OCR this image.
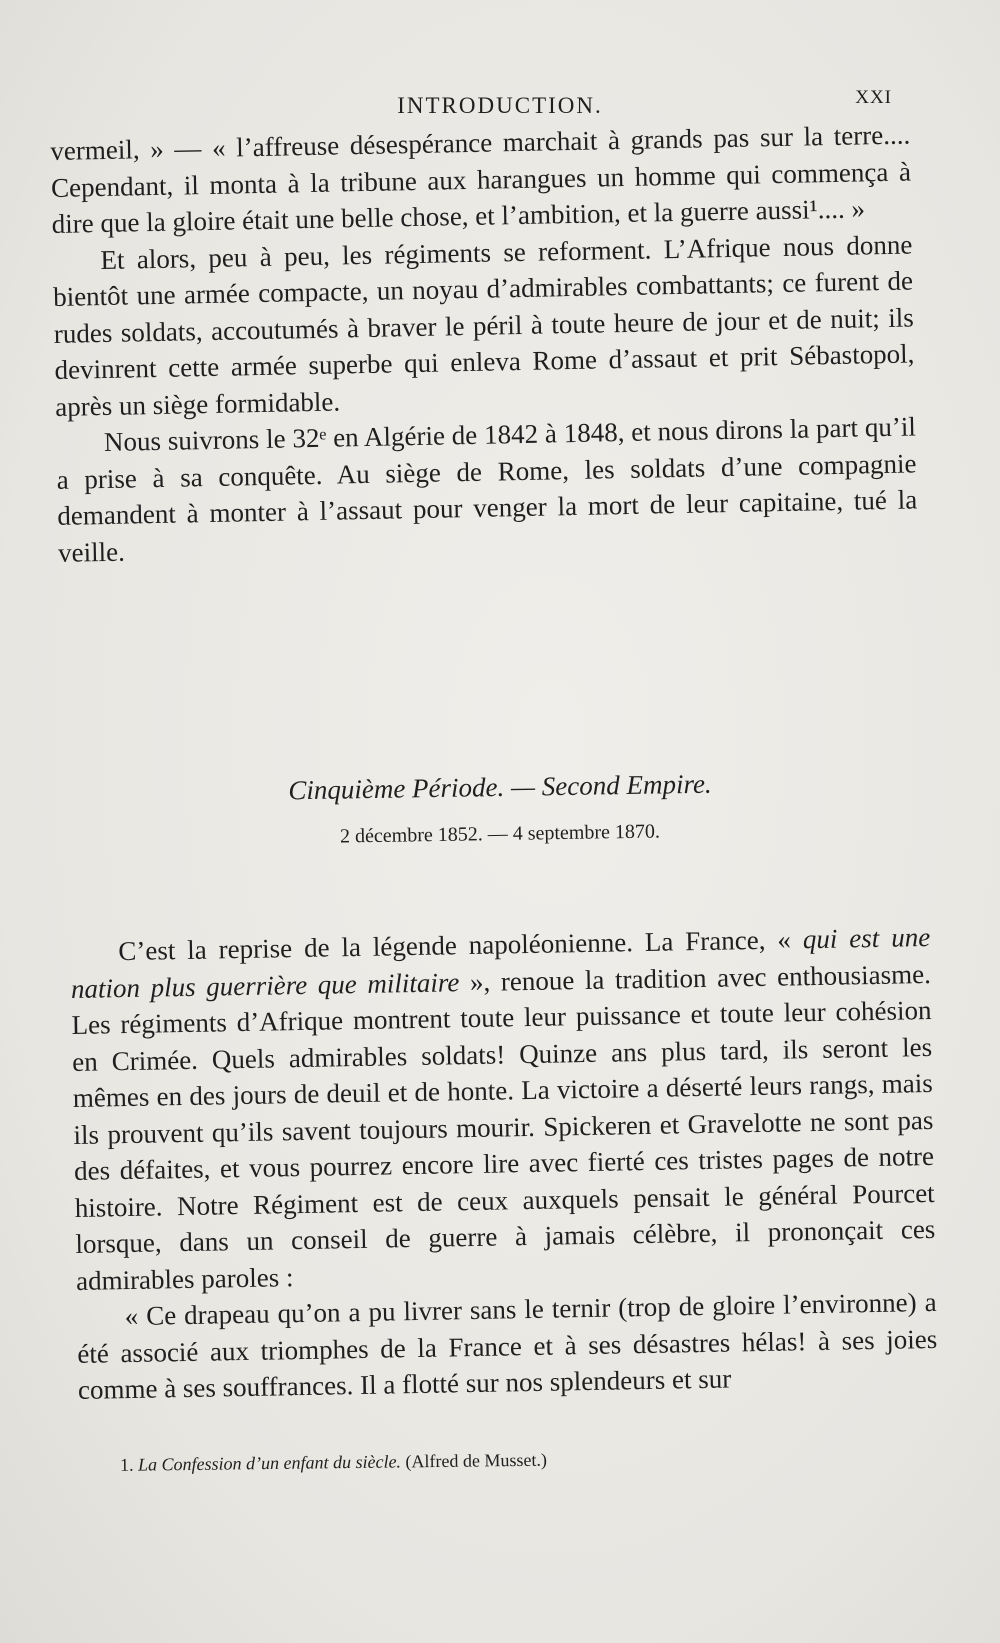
INTRODUCTION.	XXI

vermeil, » — « l’affreuse désespérance marchait à grands pas sur la terre.... Cependant, il monta à la tribune aux harangues un homme qui commença à dire que la gloire était une belle chose, et l’ambition, et la guerre aussi¹.... »

Et alors, peu à peu, les régiments se reforment. L’Afrique nous donne bientôt une armée compacte, un noyau d’admirables combattants; ce furent de rudes soldats, accoutumés à braver le péril à toute heure de jour et de nuit; ils devinrent cette armée superbe qui enleva Rome d’assaut et prit Sébastopol, après un siège formidable.

Nous suivrons le 32ᵉ en Algérie de 1842 à 1848, et nous dirons la part qu’il a prise à sa conquête. Au siège de Rome, les soldats d’une compagnie demandent à monter à l’assaut pour venger la mort de leur capitaine, tué la veille.

Cinquième Période. — Second Empire.
2 décembre 1852. — 4 septembre 1870.

C’est la reprise de la légende napoléonienne. La France, « qui est une nation plus guerrière que militaire », renoue la tradition avec enthousiasme. Les régiments d’Afrique montrent toute leur puissance et toute leur cohésion en Crimée. Quels admirables soldats! Quinze ans plus tard, ils seront les mêmes en des jours de deuil et de honte. La victoire a déserté leurs rangs, mais ils prouvent qu’ils savent toujours mourir. Spickeren et Gravelotte ne sont pas des défaites, et vous pourrez encore lire avec fierté ces tristes pages de notre histoire. Notre Régiment est de ceux auxquels pensait le général Pourcet lorsque, dans un conseil de guerre à jamais célèbre, il prononçait ces admirables paroles :

« Ce drapeau qu’on a pu livrer sans le ternir (trop de gloire l’environne) a été associé aux triomphes de la France et à ses désastres hélas! à ses joies comme à ses souffrances. Il a flotté sur nos splendeurs et sur

1. La Confession d’un enfant du siècle. (Alfred de Musset.)
